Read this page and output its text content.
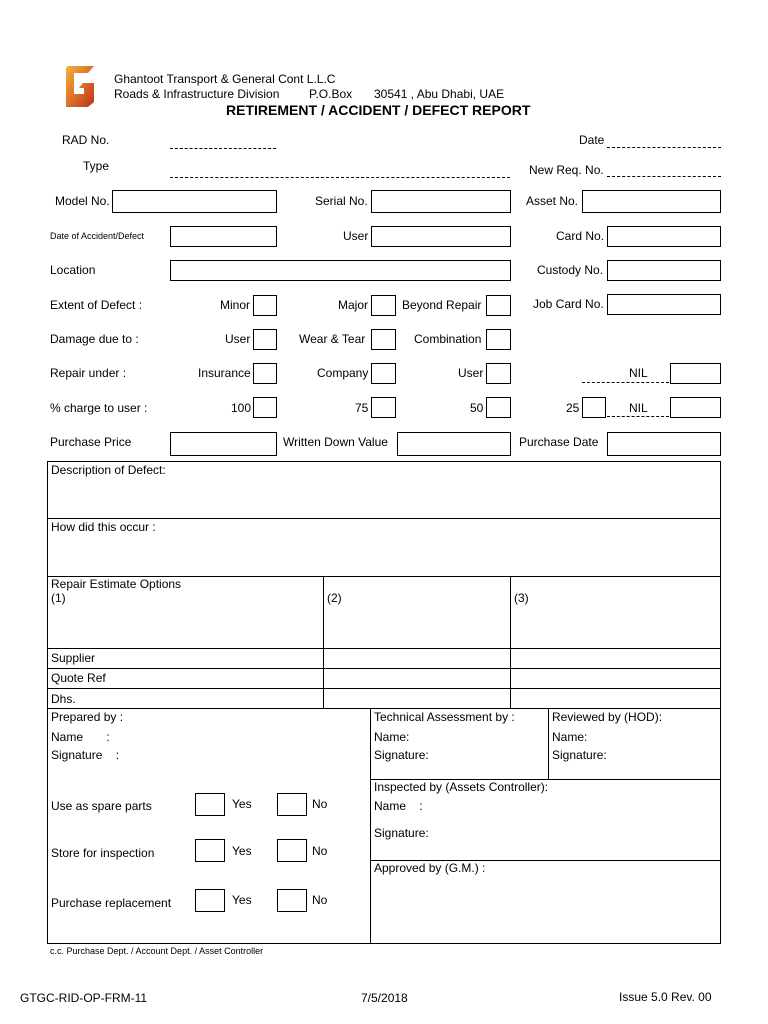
Ghantoot Transport & General Cont L.L.C
Roads & Infrastructure Division P.O.Box 30541 , Abu Dhabi, UAE
RETIREMENT / ACCIDENT / DEFECT REPORT
RAD No.	Date
Type	New Req. No.
Model No.	Serial No.	Asset No.
Date of Accident/Defect	User	Card No.
Location	Custody No.
Extent of Defect :	Minor	Major	Beyond Repair	Job Card No.
Damage due to :	User	Wear & Tear	Combination
Repair under :	Insurance	Company	User	NIL
% charge to user :	100	75	50	25	NIL
Purchase Price	Written Down Value	Purchase Date
Description of Defect:
How did this occur :
Repair Estimate Options
(1)	(2)	(3)
Supplier
Quote Ref
Dhs.
Prepared by :
Name       :
Signature    :
Technical Assessment by :
Name:
Signature:
Reviewed by (HOD):
Name:
Signature:
Inspected by (Assets Controller):
Name    :
Signature:
Approved by (G.M.) :
Use as spare parts	Yes	No
Store for inspection	Yes	No
Purchase replacement	Yes	No
c.c. Purchase Dept. / Account Dept. / Asset Controller
GTGC-RID-OP-FRM-11	7/5/2018	Issue 5.0 Rev. 00
